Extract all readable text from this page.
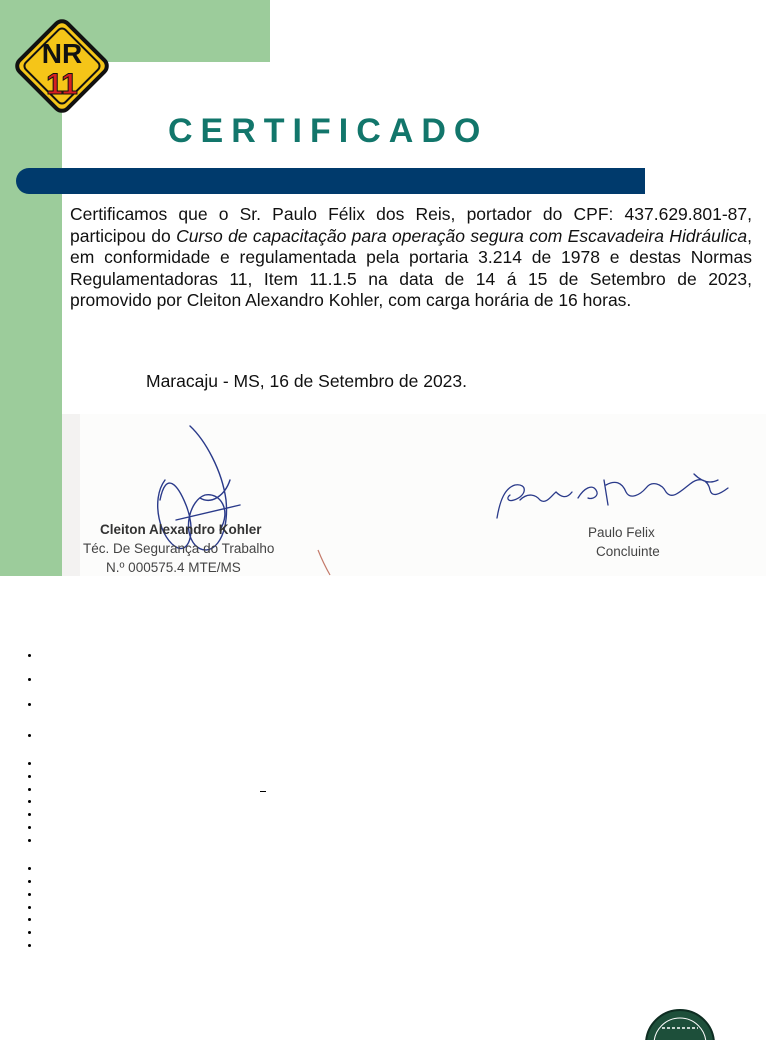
NR
11
CERTIFICADO

Certificamos que o Sr. Paulo Félix dos Reis, portador do CPF: 437.629.801-87, participou do Curso de capacitação para operação segura com Escavadeira Hidráulica, em conformidade e regulamentada pela portaria 3.214 de 1978 e destas Normas Regulamentadoras 11, Item 11.1.5 na data de 14 á 15 de Setembro de 2023, promovido por Cleiton Alexandro Kohler, com carga horária de 16 horas.

Maracaju - MS, 16 de Setembro de 2023.

Cleiton Alexandro Kohler

Téc. De Segurança do Trabalho

N.º 000575.4 MTE/MS

Paulo Felix

Concluinte
